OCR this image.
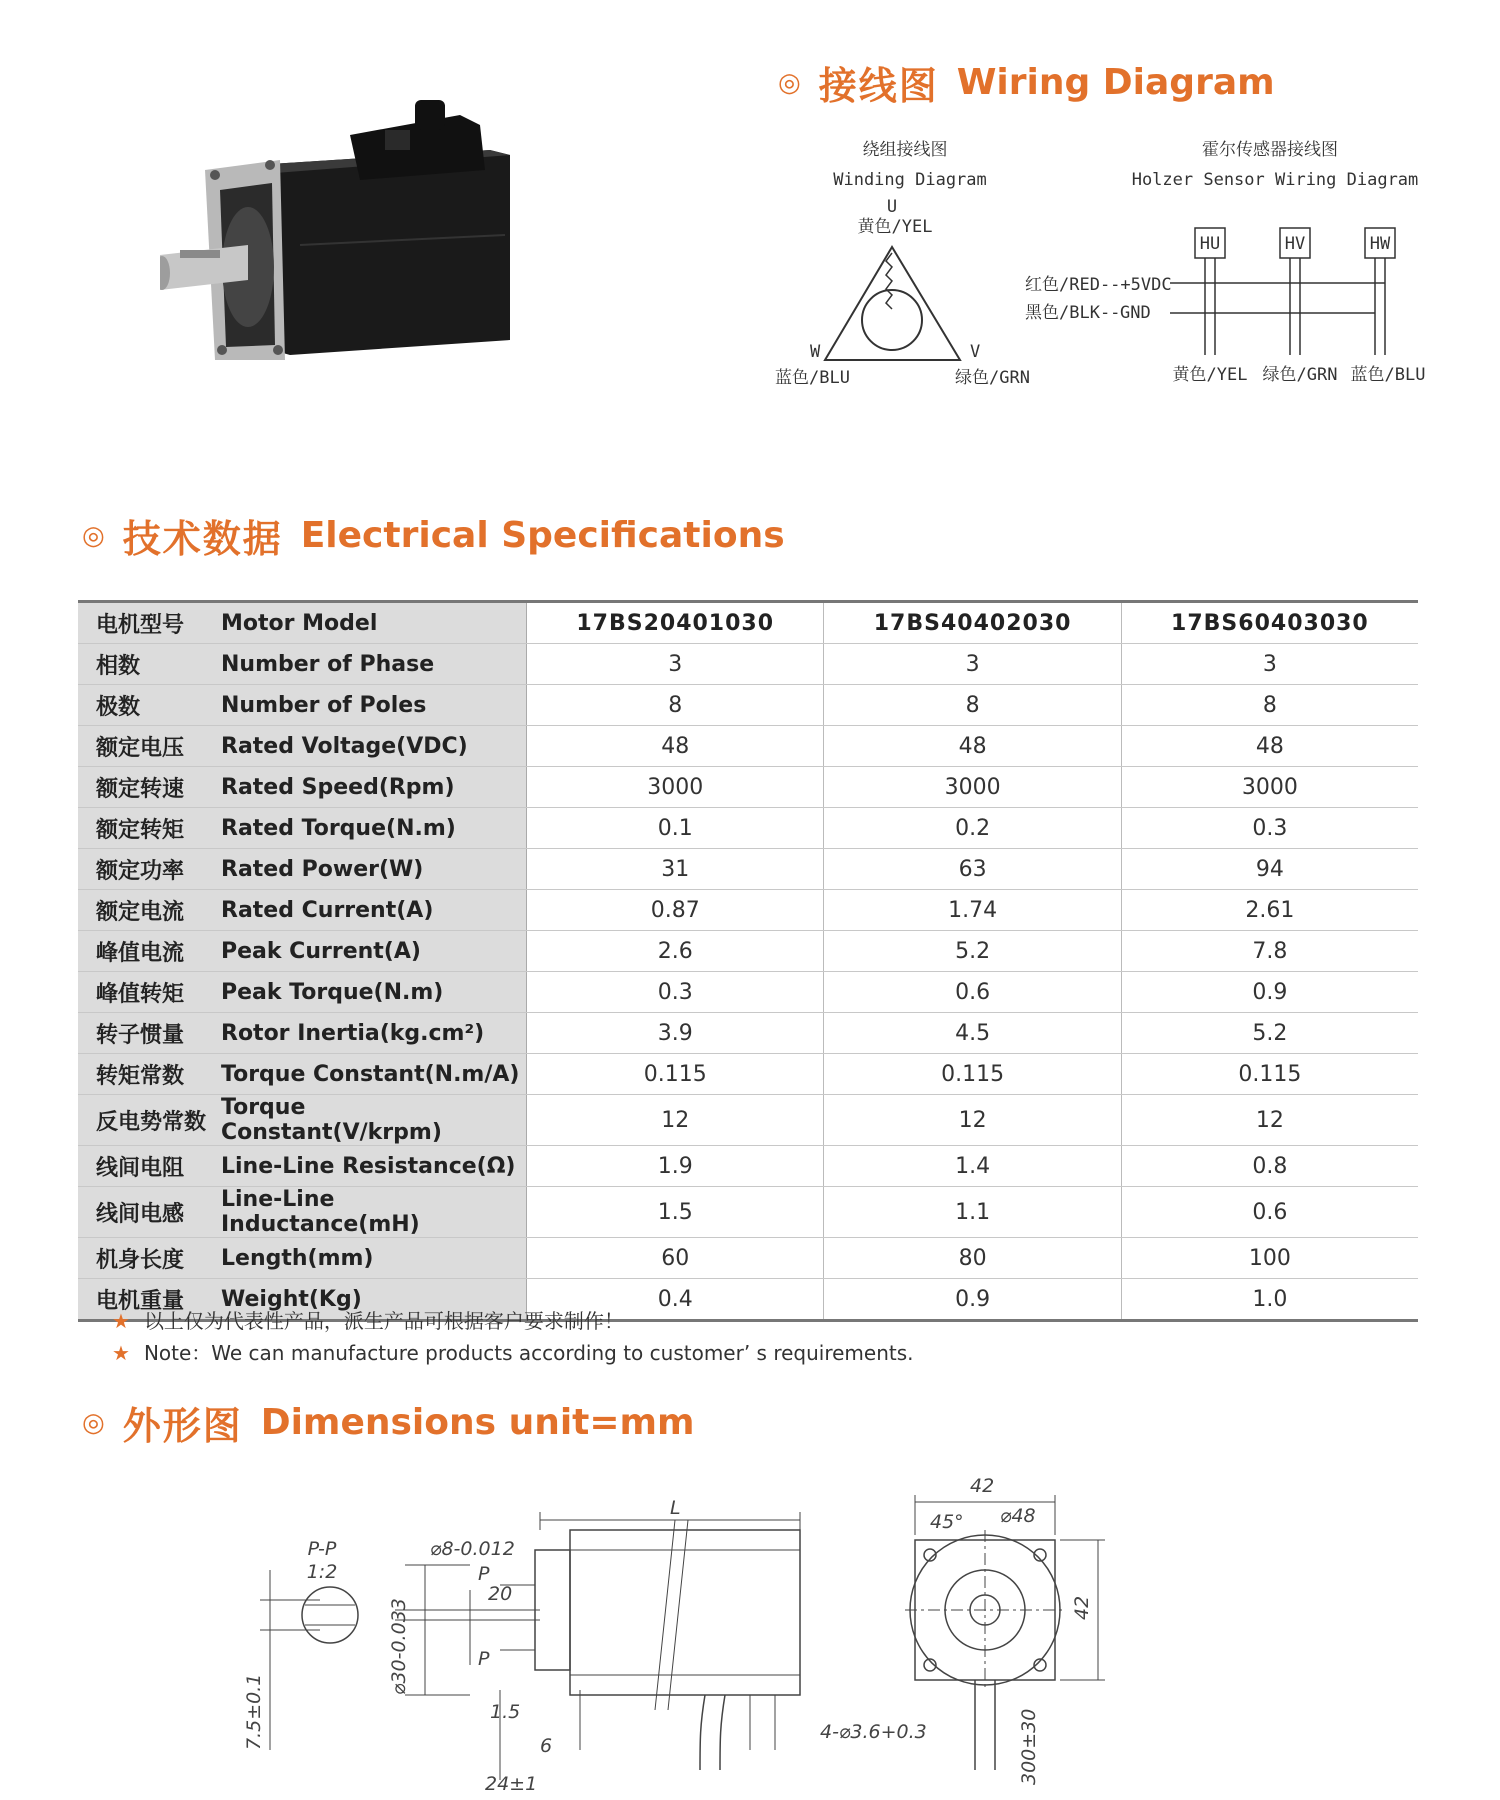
◎ 接线图 Wiring Diagram
绕组接线图
Winding Diagram
U
黄色/YEL
W
蓝色/BLU
V
绿色/GRN
霍尔传感器接线图
Holzer Sensor Wiring Diagram
HU	HV	HW
红色/RED--+5VDC
黑色/BLK-- GND
黄色/YEL 绿色/GRN 蓝色/BLU
◎ 技术数据 Electrical Specifications
电机型号	Motor Model	17BS20401030	17BS40402030	17BS60403030
相数	Number of Phase	3	3	3
极数	Number of Poles	8	8	8
额定电压	Rated Voltage(VDC)	48	48	48
额定转速	Rated Speed(Rpm)	3000	3000	3000
额定转矩	Rated Torque(N.m)	0.1	0.2	0.3
额定功率	Rated Power(W)	31	63	94
额定电流	Rated Current(A)	0.87	1.74	2.61
峰值电流	Peak Current(A)	2.6	5.2	7.8
峰值转矩	Peak Torque(N.m)	0.3	0.6	0.9
转子惯量	Rotor Inertia(kg.cm²)	3.9	4.5	5.2
转矩常数	Torque Constant(N.m/A)	0.115	0.115	0.115
反电势常数	Torque Constant(V/krpm)	12	12	12
线间电阻	Line-Line Resistance(Ω)	1.9	1.4	0.8
线间电感	Line-Line Inductance(mH)	1.5	1.1	0.6
机身长度	Length(mm)	60	80	100
电机重量	Weight(Kg)	0.4	0.9	1.0
★ 以上仅为代表性产品，派生产品可根据客户要求制作！
★ Note：We can manufacture products according to customer’ s requirements.
◎ 外形图 Dimensions unit=mm
P-P
1:2
7.5±0.1
⌀8-0.012
⌀30-0.033
P
P
20
L
1.5
6
24±1
42
45° ⌀48
42
4-⌀3.6+0.3	300±30
